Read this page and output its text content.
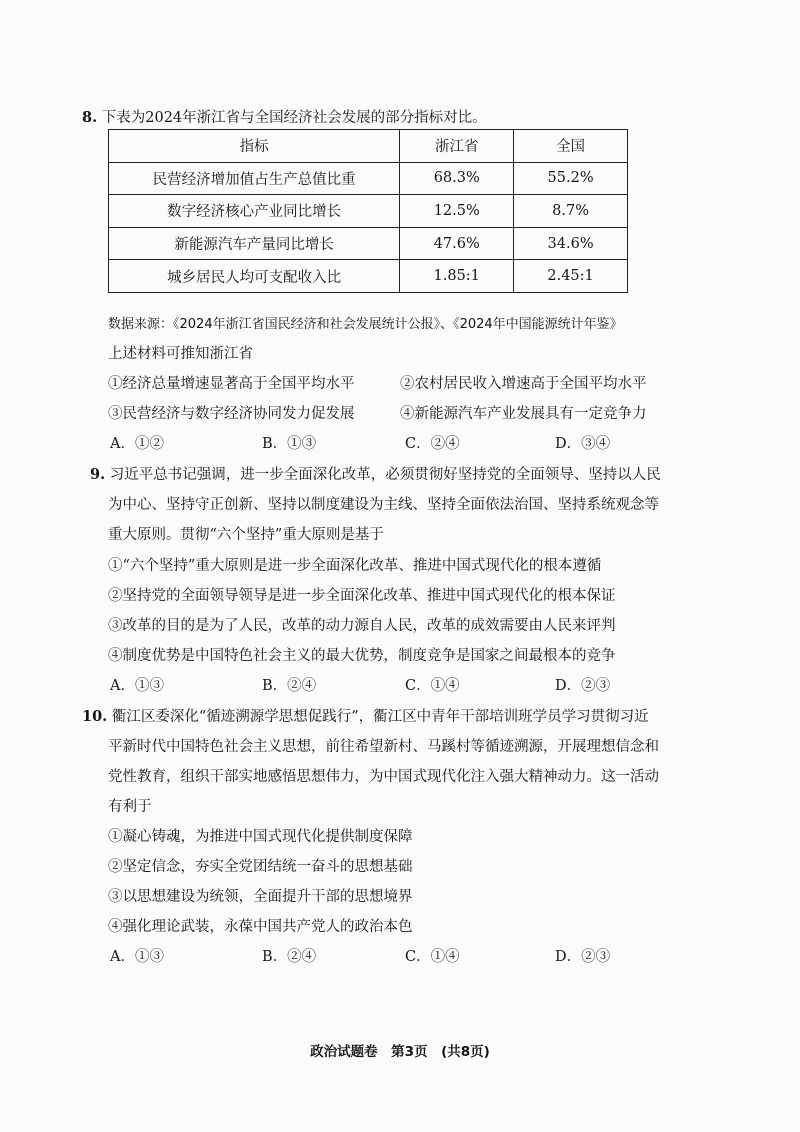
8. 下表为2024年浙江省与全国经济社会发展的部分指标对比。
指标	浙江省	全国
民营经济增加值占生产总值比重	68.3%	55.2%
数字经济核心产业同比增长	12.5%	8.7%
新能源汽车产量同比增长	47.6%	34.6%
城乡居民人均可支配收入比	1.85:1	2.45:1
数据来源：《2024年浙江省国民经济和社会发展统计公报》、《2024年中国能源统计年鉴》
上述材料可推知浙江省
①经济总量增速显著高于全国平均水平	②农村居民收入增速高于全国平均水平
③民营经济与数字经济协同发力促发展	④新能源汽车产业发展具有一定竞争力
A．①②	B．①③	C．②④	D．③④
9. 习近平总书记强调，进一步全面深化改革，必须贯彻好坚持党的全面领导、坚持以人民
为中心、坚持守正创新、坚持以制度建设为主线、坚持全面依法治国、坚持系统观念等
重大原则。贯彻“六个坚持”重大原则是基于
①“六个坚持”重大原则是进一步全面深化改革、推进中国式现代化的根本遵循
②坚持党的全面领导领导是进一步全面深化改革、推进中国式现代化的根本保证
③改革的目的是为了人民，改革的动力源自人民，改革的成效需要由人民来评判
④制度优势是中国特色社会主义的最大优势，制度竞争是国家之间最根本的竞争
A．①③	B．②④	C．①④	D．②③
10. 衢江区委深化“循迹溯源学思想促践行”，衢江区中青年干部培训班学员学习贯彻习近
平新时代中国特色社会主义思想，前往希望新村、马蹊村等循迹溯源，开展理想信念和
党性教育，组织干部实地感悟思想伟力，为中国式现代化注入强大精神动力。这一活动
有利于
①凝心铸魂，为推进中国式现代化提供制度保障
②坚定信念，夯实全党团结统一奋斗的思想基础
③以思想建设为统领，全面提升干部的思想境界
④强化理论武装，永葆中国共产党人的政治本色
A．①③	B．②④	C．①④	D．②③
政治试题卷　第3页　(共8页)
